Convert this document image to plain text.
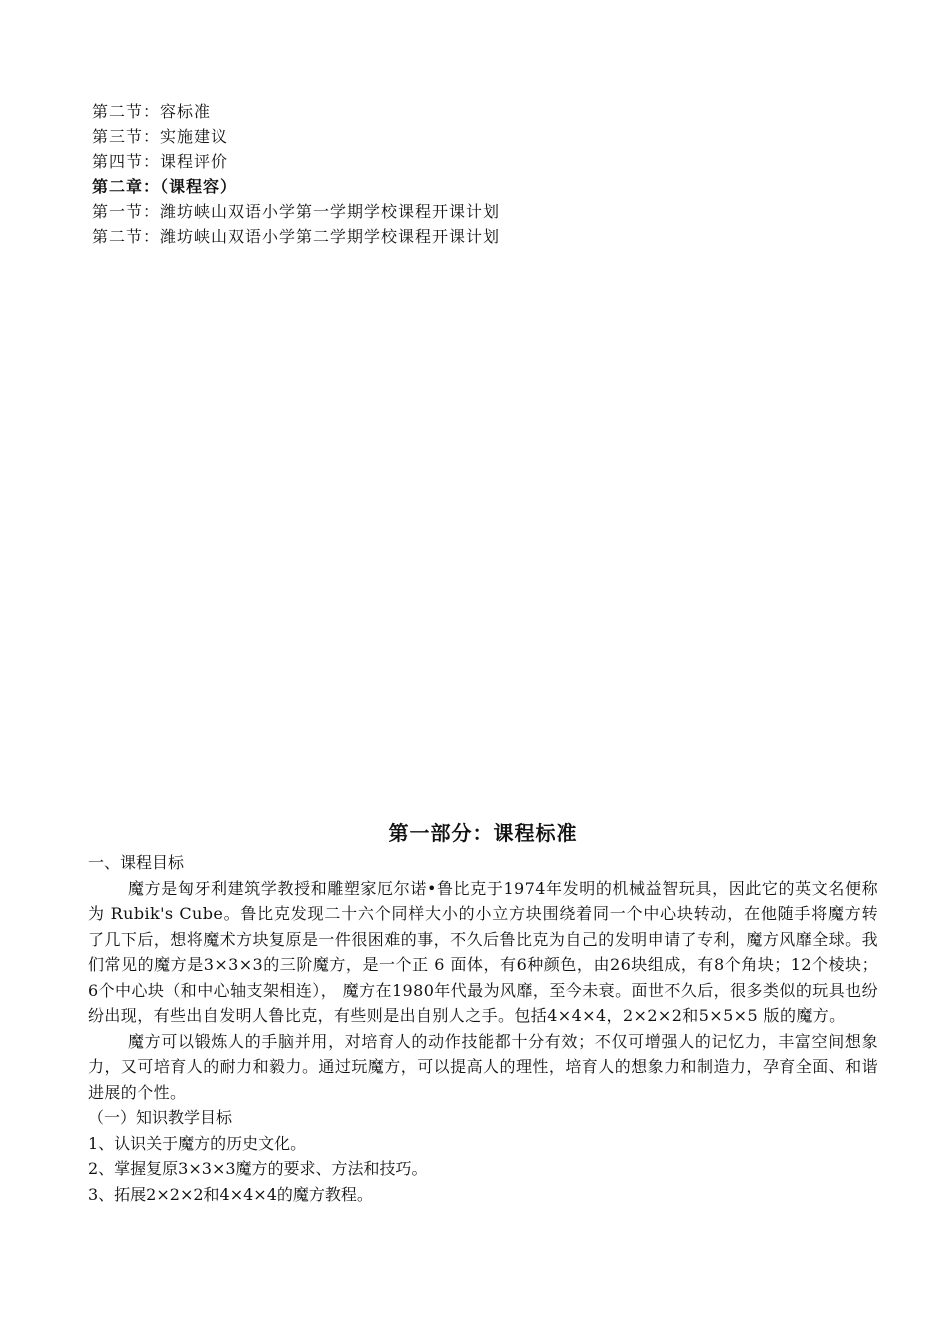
第二节：容标准

第三节：实施建议

第四节：课程评价

第二章：（课程容）

第一节：潍坊峡山双语小学第一学期学校课程开课计划

第二节：潍坊峡山双语小学第二学期学校课程开课计划

第一部分：课程标准

一、课程目标

魔方是匈牙利建筑学教授和雕塑家厄尔诺•鲁比克于1974年发明的机械益智玩具，因此它的英文名便称为 Rubik's Cube。鲁比克发现二十六个同样大小的小立方块围绕着同一个中心块转动，在他随手将魔方转了几下后，想将魔术方块复原是一件很困难的事，不久后鲁比克为自己的发明申请了专利，魔方风靡全球。我们常见的魔方是3×3×3的三阶魔方，是一个正 6 面体，有6种颜色，由26块组成，有8个角块；12个棱块；6个中心块（和中心轴支架相连）， 魔方在1980年代最为风靡，至今未衰。面世不久后，很多类似的玩具也纷纷出现，有些出自发明人鲁比克，有些则是出自别人之手。包括4×4×4，2×2×2和5×5×5 版的魔方。

魔方可以锻炼人的手脑并用，对培育人的动作技能都十分有效；不仅可增强人的记忆力，丰富空间想象力，又可培育人的耐力和毅力。通过玩魔方，可以提高人的理性，培育人的想象力和制造力，孕育全面、和谐进展的个性。

（一）知识教学目标

1、认识关于魔方的历史文化。

2、掌握复原3×3×3魔方的要求、方法和技巧。

3、拓展2×2×2和4×4×4的魔方教程。
